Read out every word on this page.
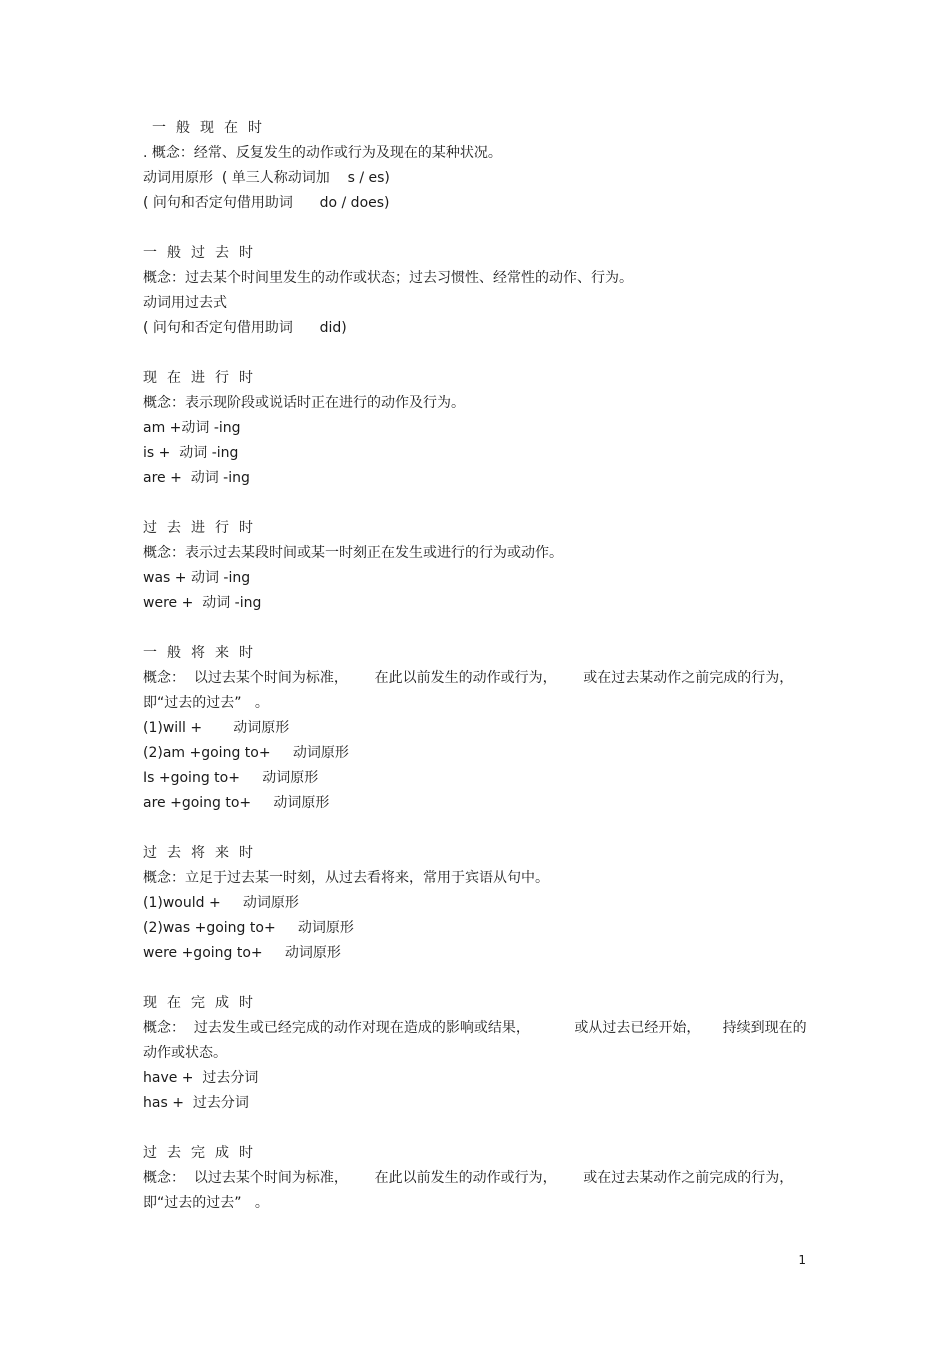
一般现在时
. 概念：经常、反复发生的动作或行为及现在的某种状况。
动词用原形  ( 单三人称动词加    s / es)
( 问句和否定句借用助词      do / does)
一般过去时
概念：过去某个时间里发生的动作或状态；过去习惯性、经常性的动作、行为。
动词用过去式
( 问句和否定句借用助词      did)
现在进行时
概念：表示现阶段或说话时正在进行的动作及行为。
am +动词 -ing
is +  动词 -ing
are +  动词 -ing
过去进行时
概念：表示过去某段时间或某一时刻正在发生或进行的行为或动作。
was + 动词 -ing
were +  动词 -ing
一般将来时
概念：  以过去某个时间为标准，      在此以前发生的动作或行为，      或在过去某动作之前完成的行为，即“过去的过去”   。
(1)will +       动词原形
(2)am +going to+     动词原形
Is +going to+     动词原形
are +going to+     动词原形
过去将来时
概念：立足于过去某一时刻，从过去看将来，常用于宾语从句中。
(1)would +     动词原形
(2)was +going to+     动词原形
were +going to+     动词原形
现在完成时
概念：  过去发生或已经完成的动作对现在造成的影响或结果，          或从过去已经开始，     持续到现在的动作或状态。
have +  过去分词
has +  过去分词
过去完成时
概念：  以过去某个时间为标准，      在此以前发生的动作或行为，      或在过去某动作之前完成的行为，即“过去的过去”   。
1
